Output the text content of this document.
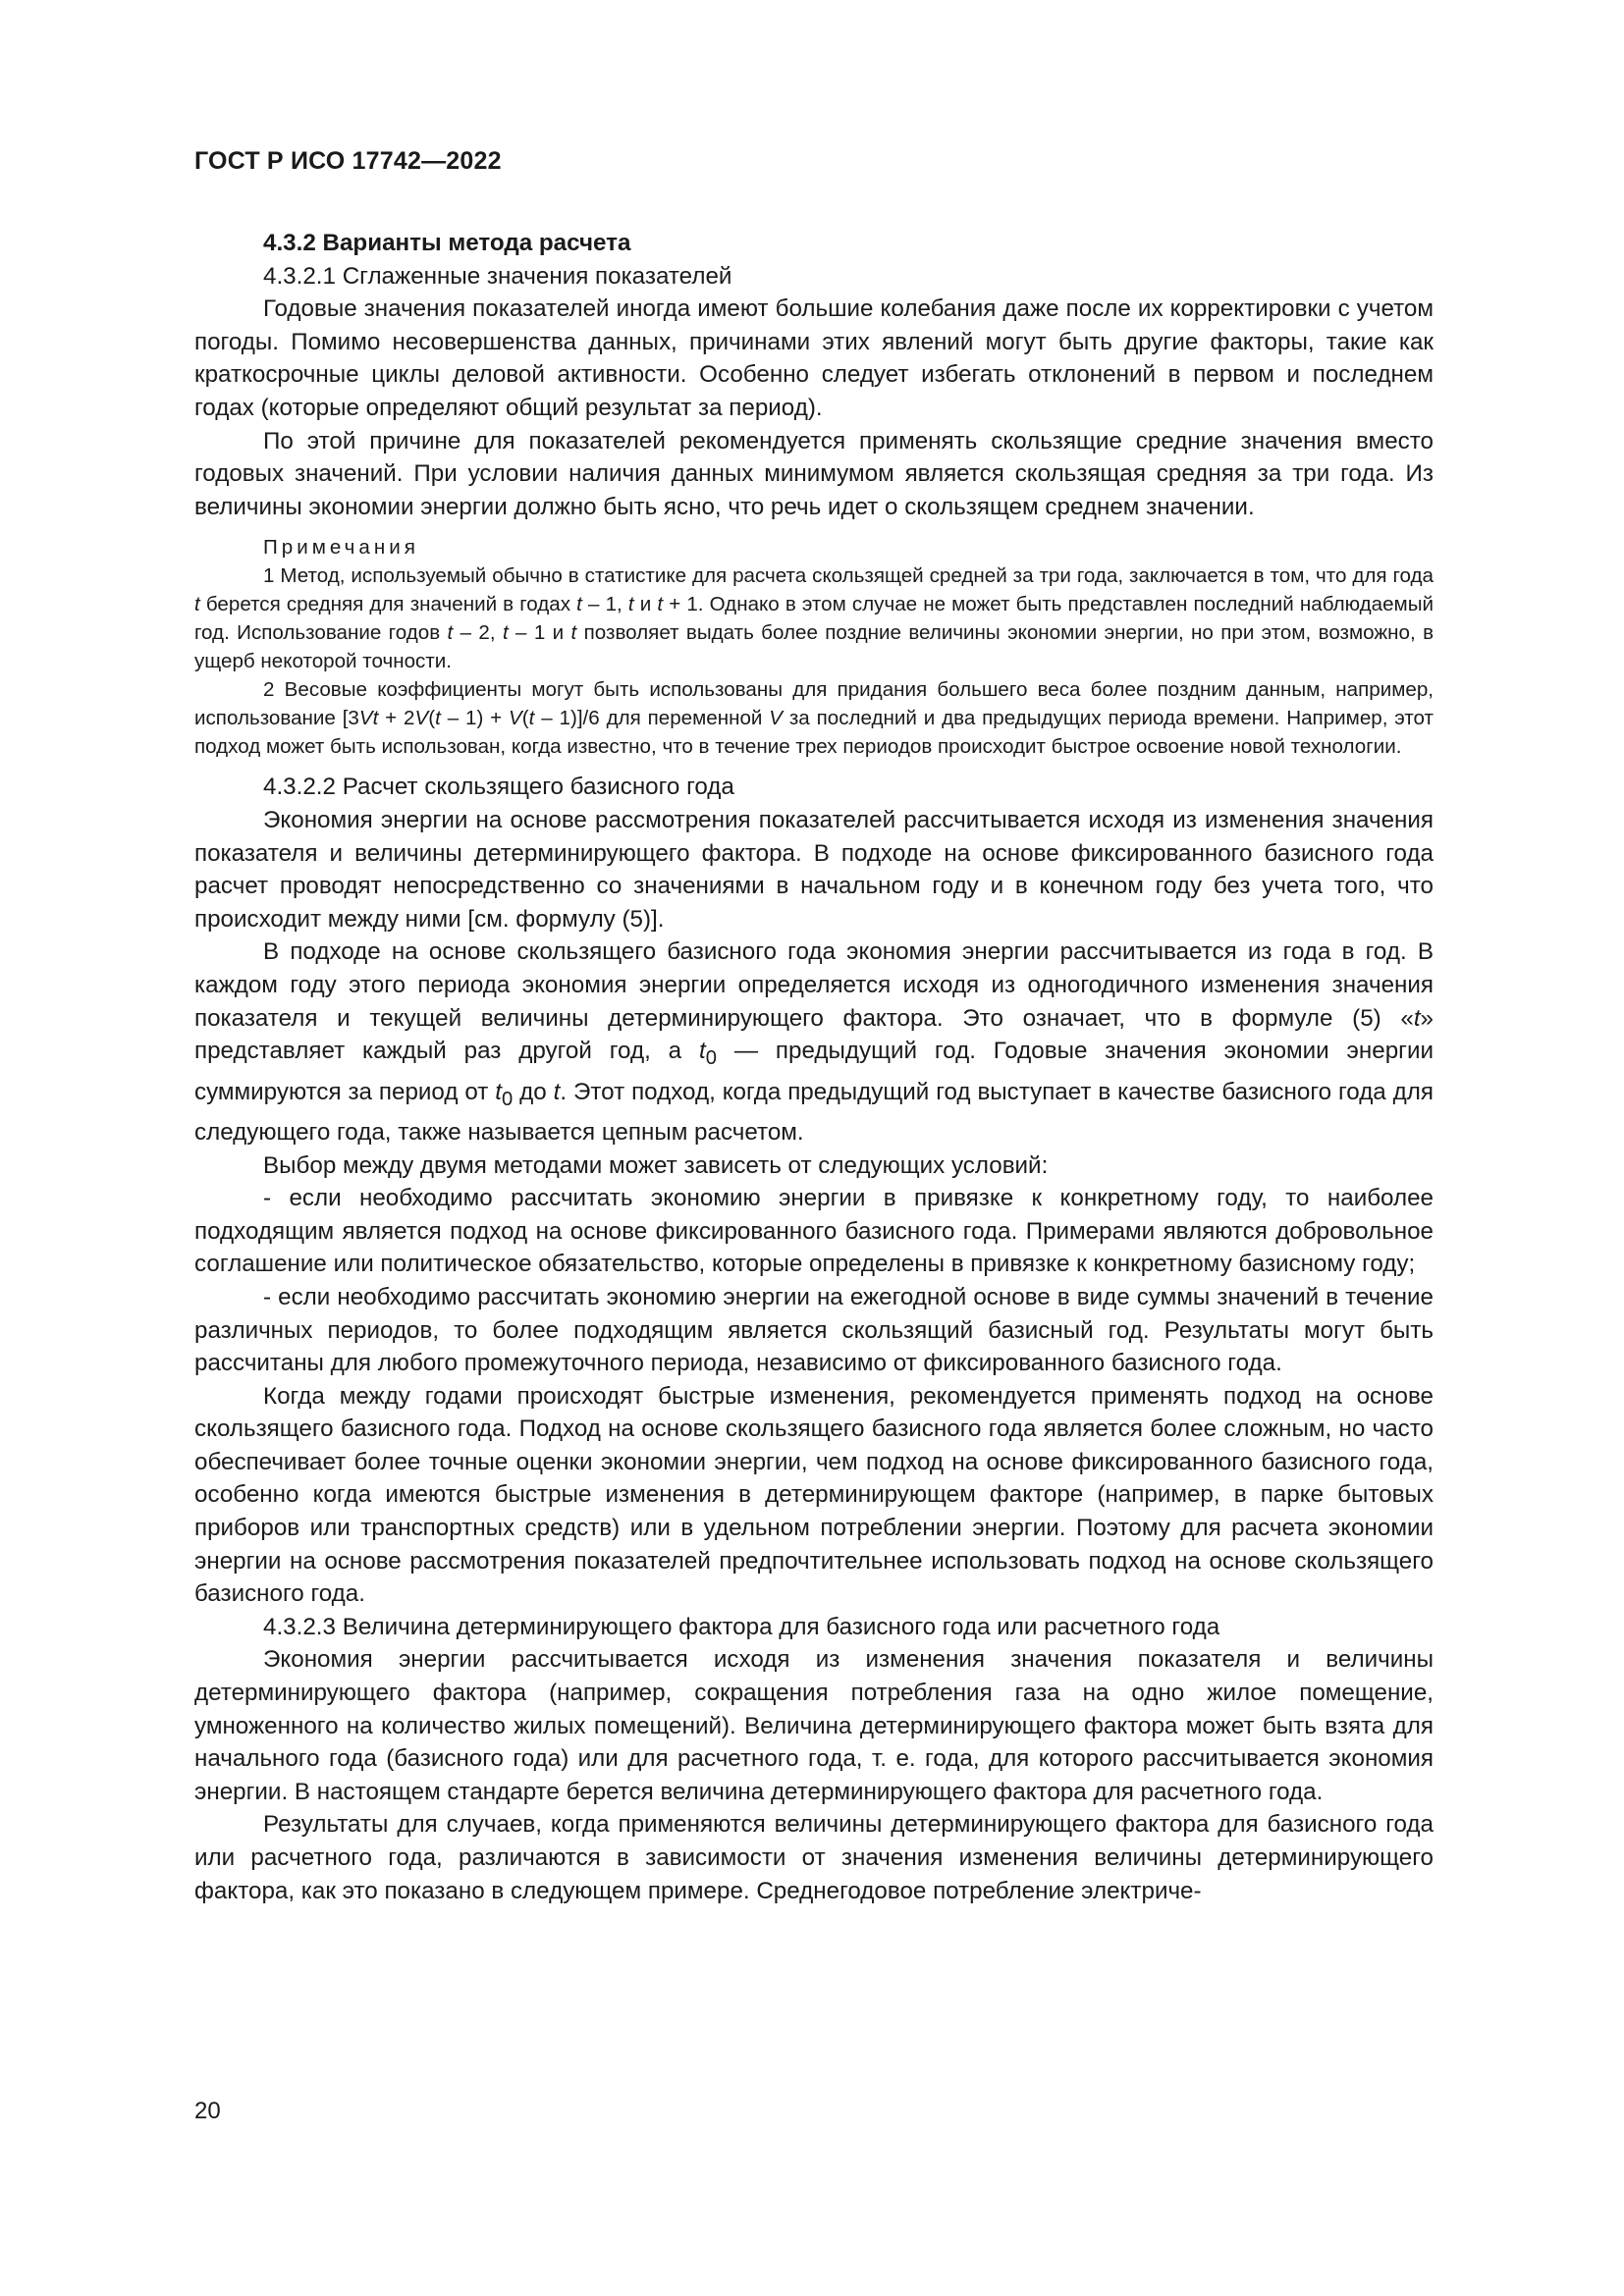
ГОСТ Р ИСО 17742—2022

4.3.2 Варианты метода расчета

4.3.2.1 Сглаженные значения показателей

Годовые значения показателей иногда имеют большие колебания даже после их корректировки с учетом погоды. Помимо несовершенства данных, причинами этих явлений могут быть другие факторы, такие как краткосрочные циклы деловой активности. Особенно следует избегать отклонений в первом и последнем годах (которые определяют общий результат за период).

По этой причине для показателей рекомендуется применять скользящие средние значения вместо годовых значений. При условии наличия данных минимумом является скользящая средняя за три года. Из величины экономии энергии должно быть ясно, что речь идет о скользящем среднем значении.

Примечания

1 Метод, используемый обычно в статистике для расчета скользящей средней за три года, заключается в том, что для года t берется средняя для значений в годах t – 1, t и t + 1. Однако в этом случае не может быть представлен последний наблюдаемый год. Использование годов t – 2, t – 1 и t позволяет выдать более поздние величины экономии энергии, но при этом, возможно, в ущерб некоторой точности.

2 Весовые коэффициенты могут быть использованы для придания большего веса более поздним данным, например, использование [3Vt + 2V(t – 1) + V(t – 1)]/6 для переменной V за последний и два предыдущих периода времени. Например, этот подход может быть использован, когда известно, что в течение трех периодов происходит быстрое освоение новой технологии.

4.3.2.2 Расчет скользящего базисного года

Экономия энергии на основе рассмотрения показателей рассчитывается исходя из изменения значения показателя и величины детерминирующего фактора. В подходе на основе фиксированного базисного года расчет проводят непосредственно со значениями в начальном году и в конечном году без учета того, что происходит между ними [см. формулу (5)].

В подходе на основе скользящего базисного года экономия энергии рассчитывается из года в год. В каждом году этого периода экономия энергии определяется исходя из одногодичного изменения значения показателя и текущей величины детерминирующего фактора. Это означает, что в формуле (5) «t» представляет каждый раз другой год, а $t_0$ — предыдущий год. Годовые значения экономии энергии суммируются за период от $t_0$ до t. Этот подход, когда предыдущий год выступает в качестве базисного года для следующего года, также называется цепным расчетом.

Выбор между двумя методами может зависеть от следующих условий:

- если необходимо рассчитать экономию энергии в привязке к конкретному году, то наиболее подходящим является подход на основе фиксированного базисного года. Примерами являются добровольное соглашение или политическое обязательство, которые определены в привязке к конкретному базисному году;

- если необходимо рассчитать экономию энергии на ежегодной основе в виде суммы значений в течение различных периодов, то более подходящим является скользящий базисный год. Результаты могут быть рассчитаны для любого промежуточного периода, независимо от фиксированного базисного года.

Когда между годами происходят быстрые изменения, рекомендуется применять подход на основе скользящего базисного года. Подход на основе скользящего базисного года является более сложным, но часто обеспечивает более точные оценки экономии энергии, чем подход на основе фиксированного базисного года, особенно когда имеются быстрые изменения в детерминирующем факторе (например, в парке бытовых приборов или транспортных средств) или в удельном потреблении энергии. Поэтому для расчета экономии энергии на основе рассмотрения показателей предпочтительнее использовать подход на основе скользящего базисного года.

4.3.2.3 Величина детерминирующего фактора для базисного года или расчетного года

Экономия энергии рассчитывается исходя из изменения значения показателя и величины детерминирующего фактора (например, сокращения потребления газа на одно жилое помещение, умноженного на количество жилых помещений). Величина детерминирующего фактора может быть взята для начального года (базисного года) или для расчетного года, т. е. года, для которого рассчитывается экономия энергии. В настоящем стандарте берется величина детерминирующего фактора для расчетного года.

Результаты для случаев, когда применяются величины детерминирующего фактора для базисного года или расчетного года, различаются в зависимости от значения изменения величины детерминирующего фактора, как это показано в следующем примере. Среднегодовое потребление электриче-

20
